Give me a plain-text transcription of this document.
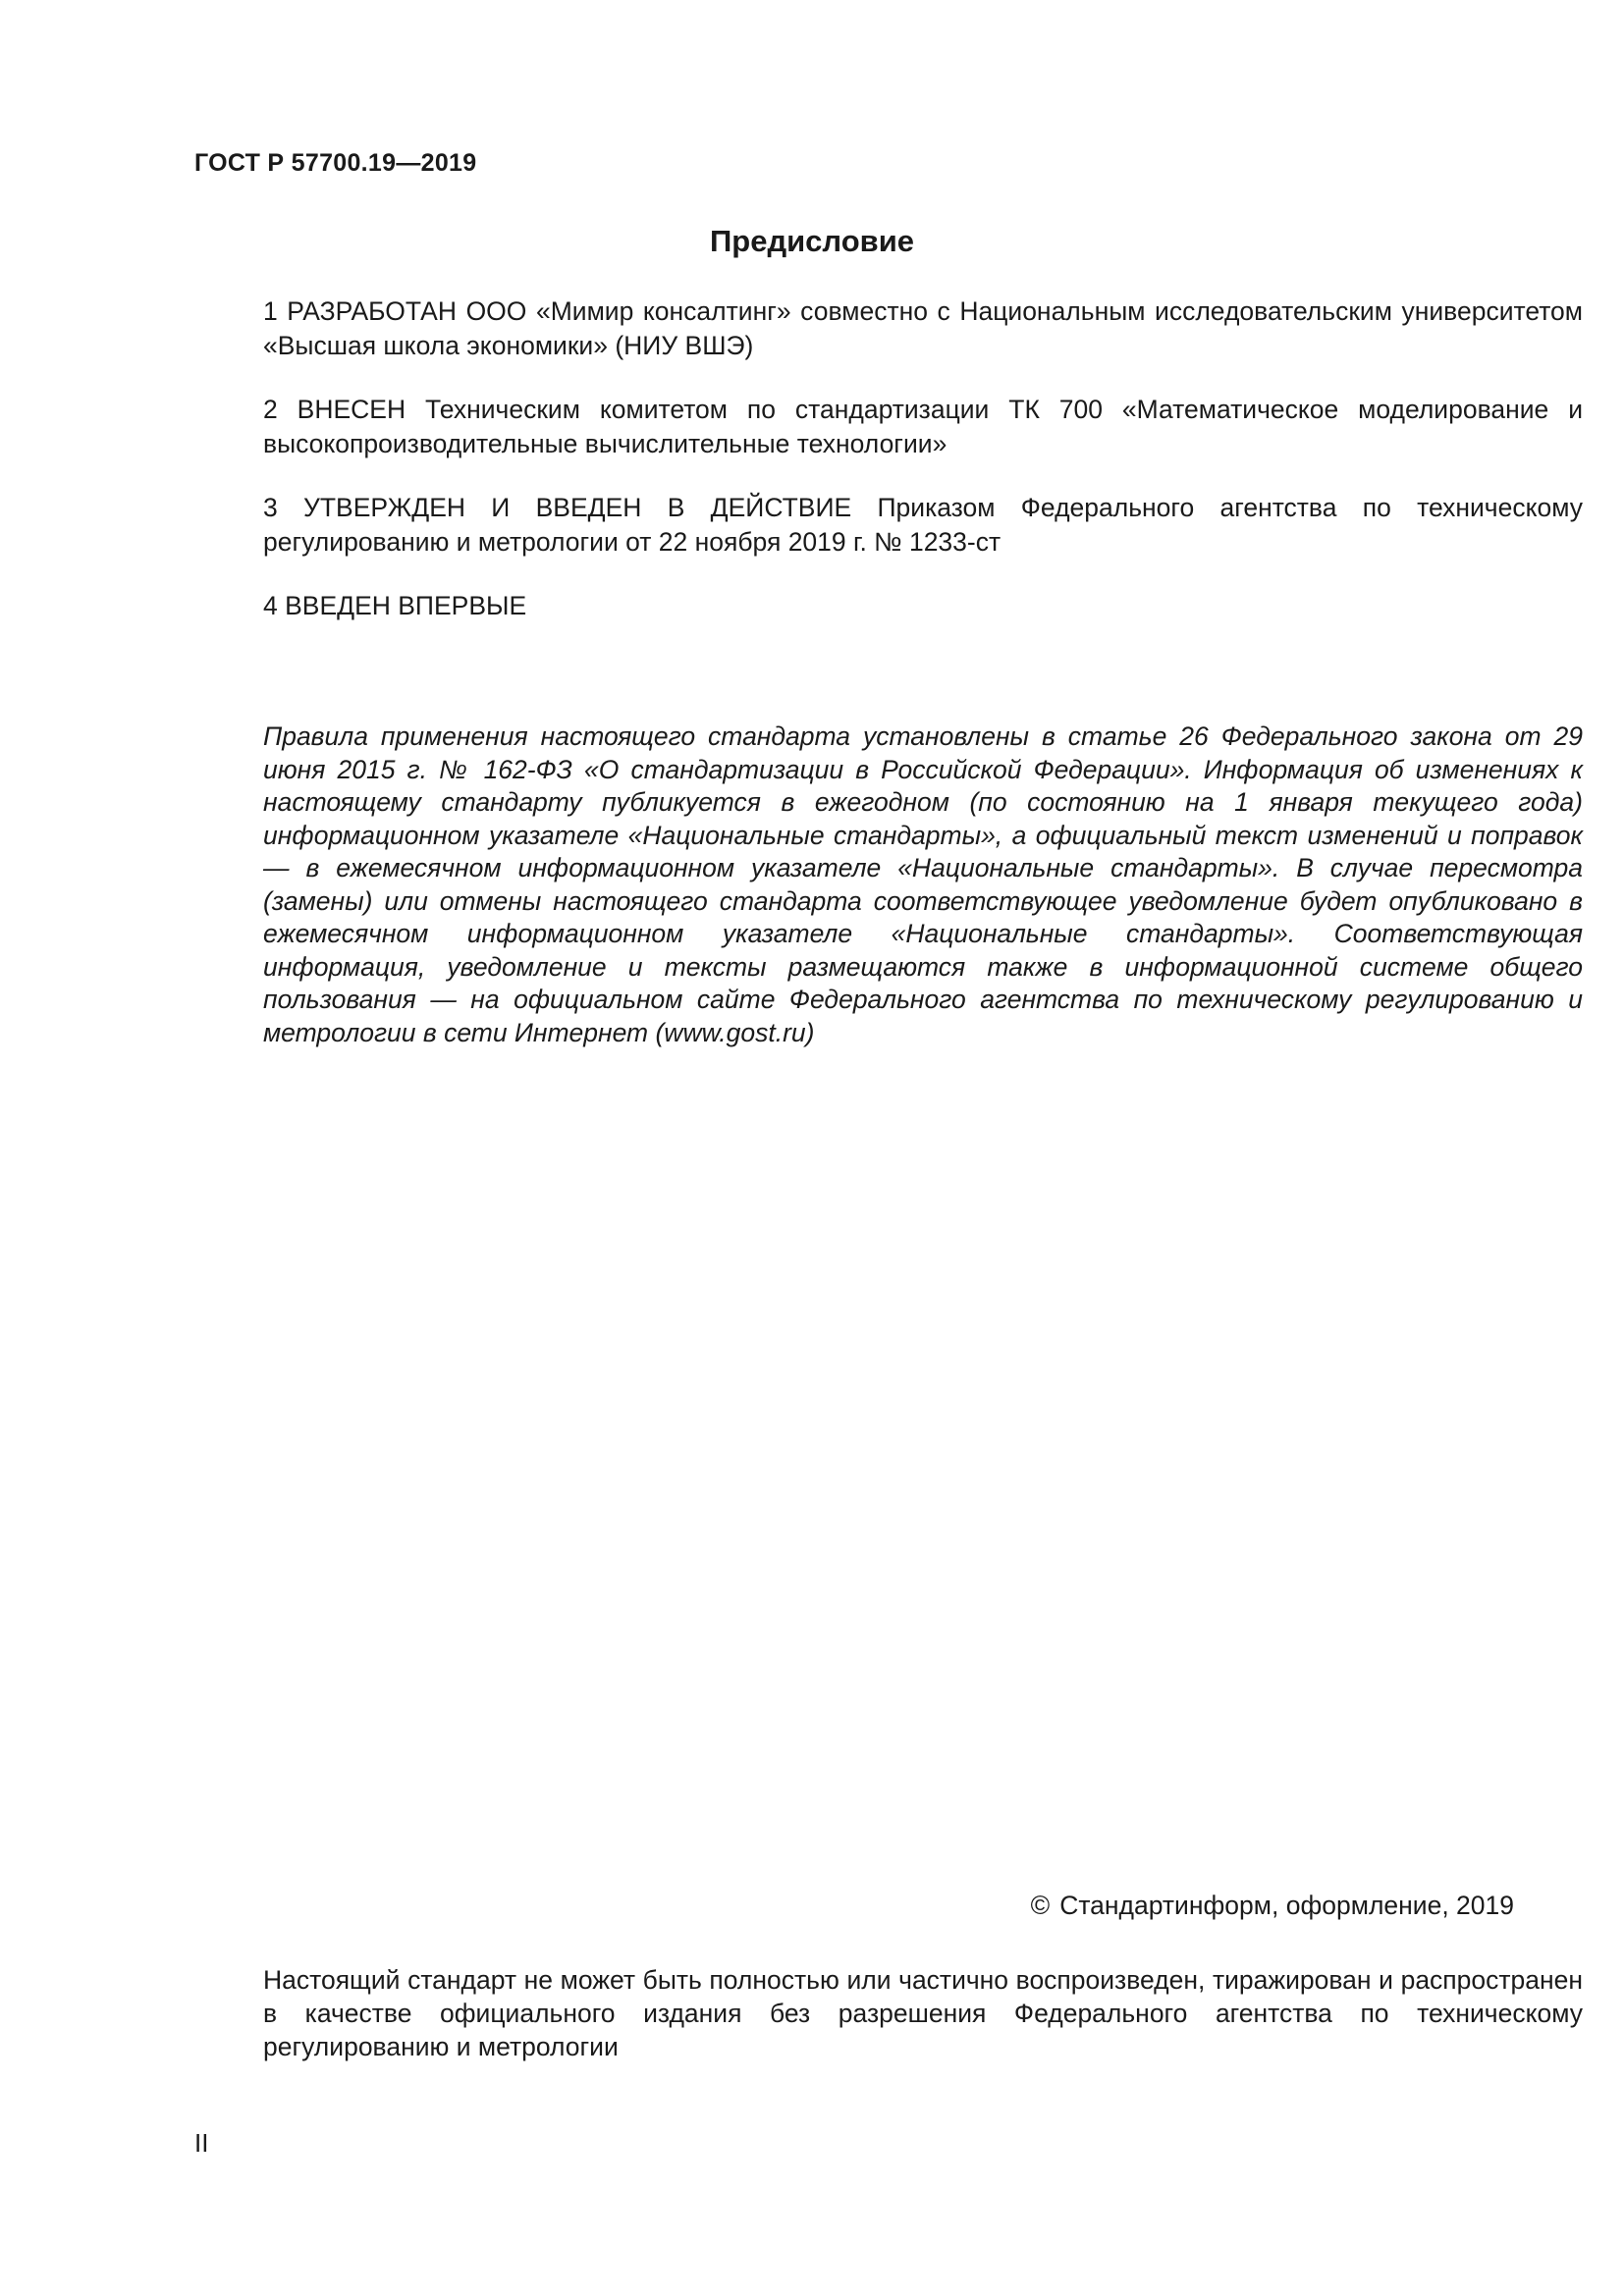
ГОСТ Р 57700.19—2019
Предисловие
1 РАЗРАБОТАН ООО «Мимир консалтинг» совместно с Национальным исследовательским университетом «Высшая школа экономики» (НИУ ВШЭ)
2 ВНЕСЕН Техническим комитетом по стандартизации ТК 700 «Математическое моделирование и высокопроизводительные вычислительные технологии»
3 УТВЕРЖДЕН И ВВЕДЕН В ДЕЙСТВИЕ Приказом Федерального агентства по техническому регулированию и метрологии от 22 ноября 2019 г. № 1233-ст
4 ВВЕДЕН ВПЕРВЫЕ
Правила применения настоящего стандарта установлены в статье 26 Федерального закона от 29 июня 2015 г. № 162-ФЗ «О стандартизации в Российской Федерации». Информация об изменениях к настоящему стандарту публикуется в ежегодном (по состоянию на 1 января текущего года) информационном указателе «Национальные стандарты», а официальный текст изменений и поправок — в ежемесячном информационном указателе «Национальные стандарты». В случае пересмотра (замены) или отмены настоящего стандарта соответствующее уведомление будет опубликовано в ежемесячном информационном указателе «Национальные стандарты». Соответствующая информация, уведомление и тексты размещаются также в информационной системе общего пользования — на официальном сайте Федерального агентства по техническому регулированию и метрологии в сети Интернет (www.gost.ru)
© Стандартинформ, оформление, 2019
Настоящий стандарт не может быть полностью или частично воспроизведен, тиражирован и распространен в качестве официального издания без разрешения Федерального агентства по техническому регулированию и метрологии
II
